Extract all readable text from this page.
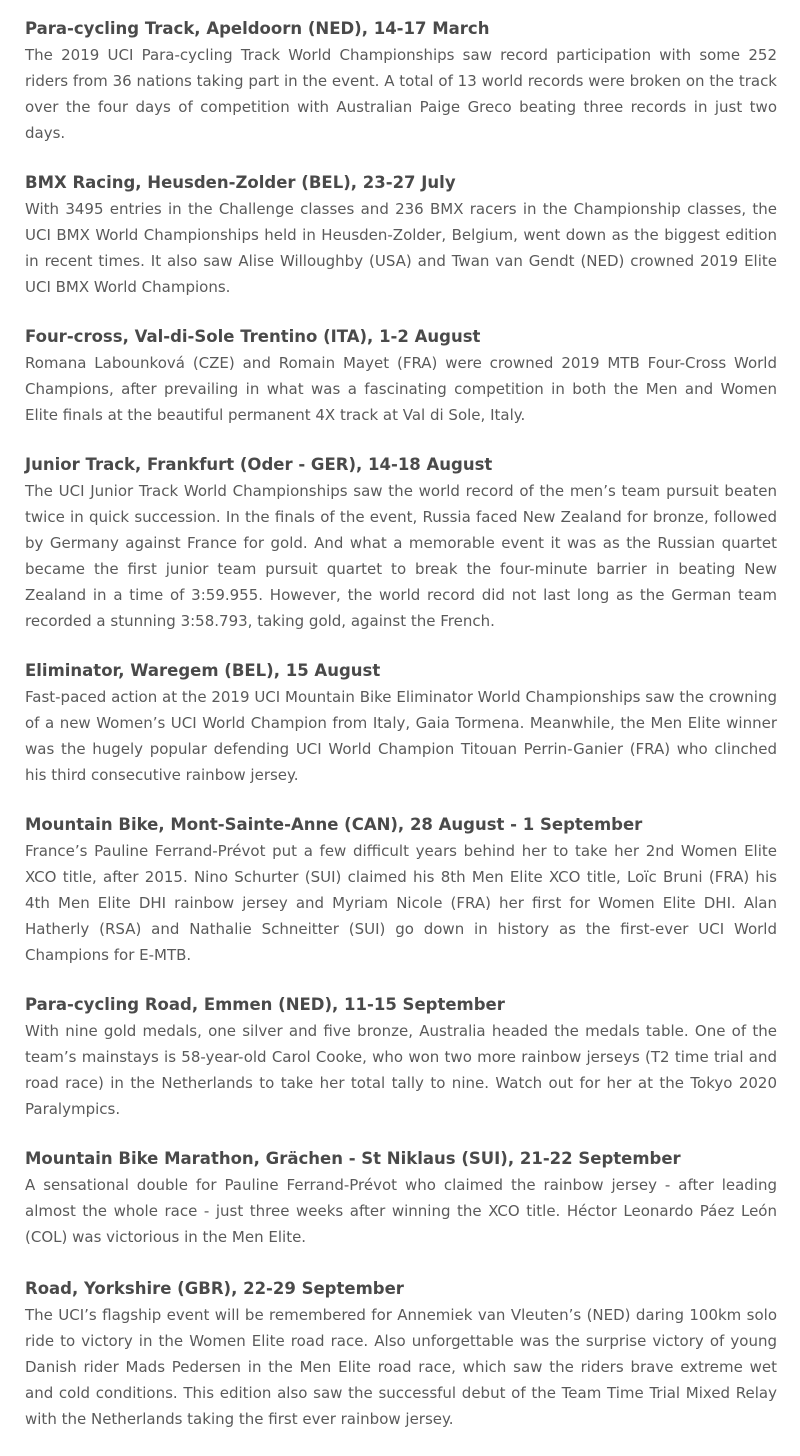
Para-cycling Track, Apeldoorn (NED), 14-17 March

The 2019 UCI Para-cycling Track World Championships saw record participation with some 252 riders from 36 nations taking part in the event. A total of 13 world records were broken on the track over the four days of competition with Australian Paige Greco beating three records in just two days.

BMX Racing, Heusden-Zolder (BEL), 23-27 July

With 3495 entries in the Challenge classes and 236 BMX racers in the Championship classes, the UCI BMX World Championships held in Heusden-Zolder, Belgium, went down as the biggest edition in recent times. It also saw Alise Willoughby (USA) and Twan van Gendt (NED) crowned 2019 Elite UCI BMX World Champions.

Four-cross, Val-di-Sole Trentino (ITA), 1-2 August

Romana Labounková (CZE) and Romain Mayet (FRA) were crowned 2019 MTB Four-Cross World Champions, after prevailing in what was a fascinating competition in both the Men and Women Elite finals at the beautiful permanent 4X track at Val di Sole, Italy.

Junior Track, Frankfurt (Oder - GER), 14-18 August

The UCI Junior Track World Championships saw the world record of the men’s team pursuit beaten twice in quick succession. In the finals of the event, Russia faced New Zealand for bronze, followed by Germany against France for gold. And what a memorable event it was as the Russian quartet became the first junior team pursuit quartet to break the four-minute barrier in beating New Zealand in a time of 3:59.955. However, the world record did not last long as the German team recorded a stunning 3:58.793, taking gold, against the French.

Eliminator, Waregem (BEL), 15 August

Fast-paced action at the 2019 UCI Mountain Bike Eliminator World Championships saw the crowning of a new Women’s UCI World Champion from Italy, Gaia Tormena. Meanwhile, the Men Elite winner was the hugely popular defending UCI World Champion Titouan Perrin-Ganier (FRA) who clinched his third consecutive rainbow jersey.

Mountain Bike, Mont-Sainte-Anne (CAN), 28 August - 1 September

France’s Pauline Ferrand-Prévot put a few difficult years behind her to take her 2nd Women Elite XCO title, after 2015. Nino Schurter (SUI) claimed his 8th Men Elite XCO title, Loïc Bruni (FRA) his 4th Men Elite DHI rainbow jersey and Myriam Nicole (FRA) her first for Women Elite DHI. Alan Hatherly (RSA) and Nathalie Schneitter (SUI) go down in history as the first-ever UCI World Champions for E-MTB.

Para-cycling Road, Emmen (NED), 11-15 September

With nine gold medals, one silver and five bronze, Australia headed the medals table. One of the team’s mainstays is 58-year-old Carol Cooke, who won two more rainbow jerseys (T2 time trial and road race) in the Netherlands to take her total tally to nine. Watch out for her at the Tokyo 2020 Paralympics.

Mountain Bike Marathon, Grächen - St Niklaus (SUI), 21-22 September

A sensational double for Pauline Ferrand-Prévot who claimed the rainbow jersey - after leading almost the whole race - just three weeks after winning the XCO title. Héctor Leonardo Páez León (COL) was victorious in the Men Elite.

Road, Yorkshire (GBR), 22-29 September

The UCI’s flagship event will be remembered for Annemiek van Vleuten’s (NED) daring 100km solo ride to victory in the Women Elite road race. Also unforgettable was the surprise victory of young Danish rider Mads Pedersen in the Men Elite road race, which saw the riders brave extreme wet and cold conditions. This edition also saw the successful debut of the Team Time Trial Mixed Relay with the Netherlands taking the first ever rainbow jersey.
